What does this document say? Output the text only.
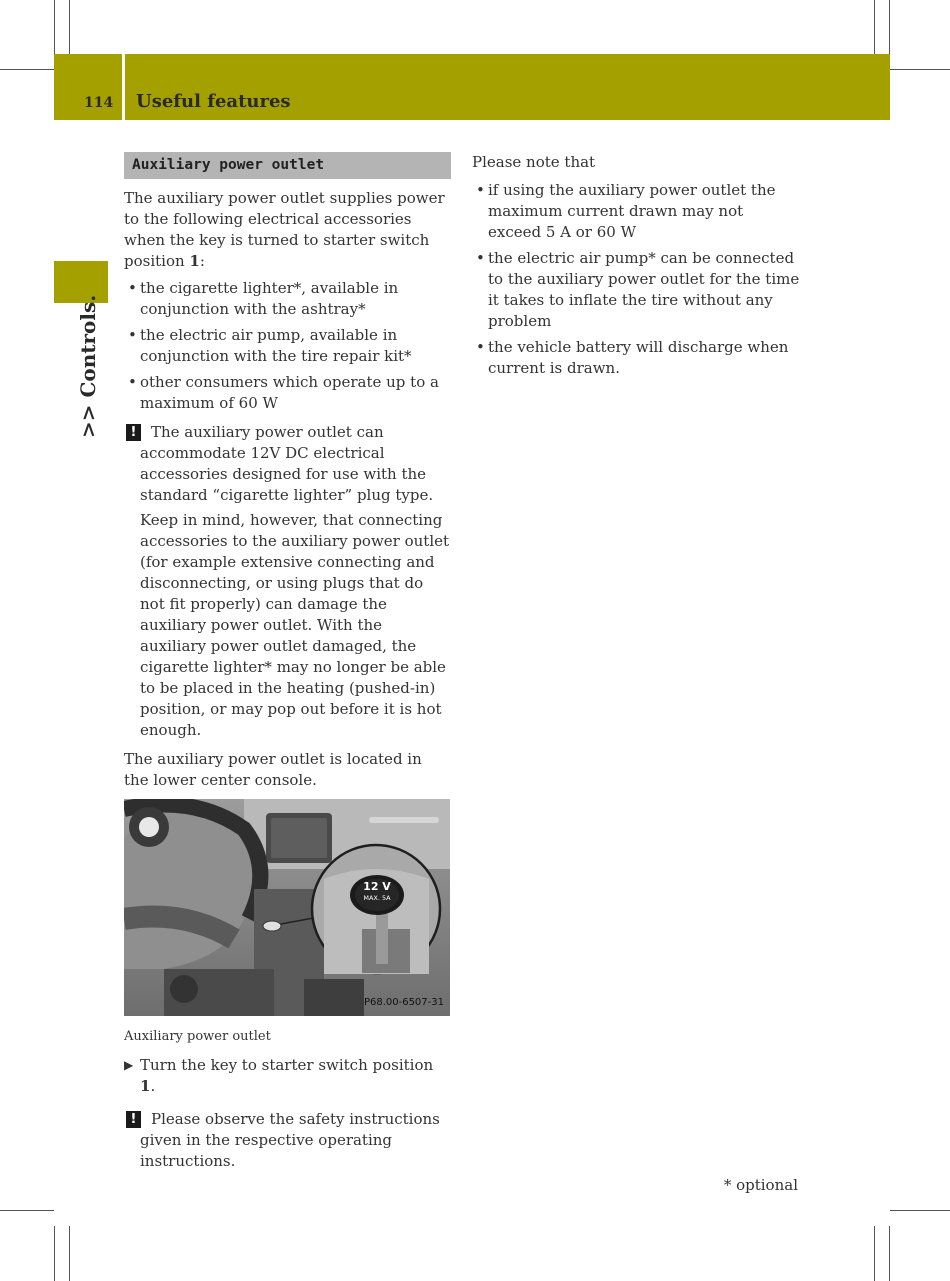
114 Useful features
>> Controls.
Auxiliary power outlet

The auxiliary power outlet supplies power to the following electrical accessories when the key is turned to starter switch position 1:

• the cigarette lighter*, available in conjunction with the ashtray*
• the electric air pump, available in conjunction with the tire repair kit*
• other consumers which operate up to a maximum of 60 W
! The auxiliary power outlet can accommodate 12V DC electrical accessories designed for use with the standard “cigarette lighter” plug type.

Keep in mind, however, that connecting accessories to the auxiliary power outlet (for example extensive connecting and disconnecting, or using plugs that do not fit properly) can damage the auxiliary power outlet. With the auxiliary power outlet damaged, the cigarette lighter* may no longer be able to be placed in the heating (pushed-in) position, or may pop out before it is hot enough.

The auxiliary power outlet is located in the lower center console.

12 V
MAX. 5A
P68.00-6507-31
Auxiliary power outlet
▶ Turn the key to starter switch position 1.
! Please observe the safety instructions given in the respective operating instructions.

Please note that

• if using the auxiliary power outlet the maximum current drawn may not exceed 5 A or 60 W
• the electric air pump* can be connected to the auxiliary power outlet for the time it takes to inflate the tire without any problem
• the vehicle battery will discharge when current is drawn.
* optional
